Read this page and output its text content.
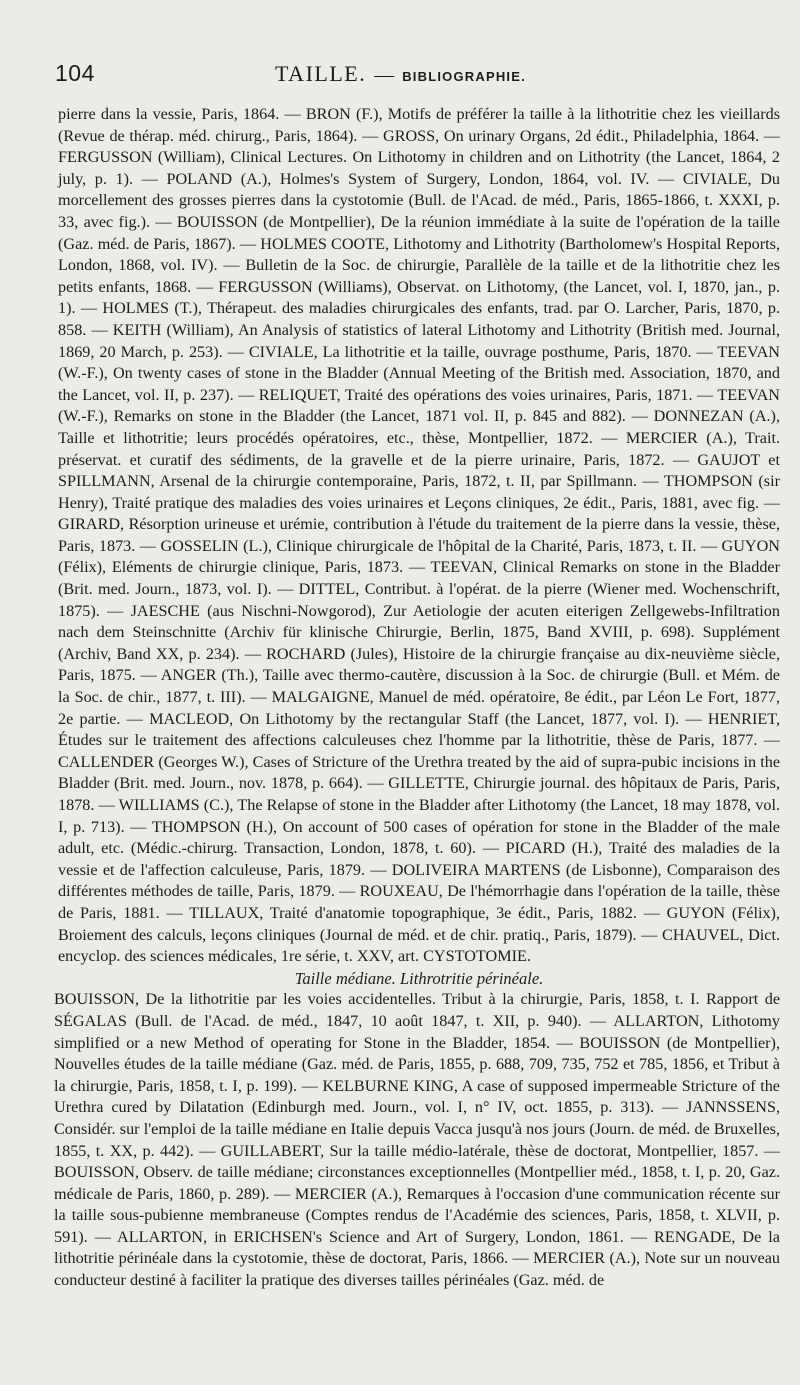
104	TAILLE. — BIBLIOGRAPHIE.

pierre dans la vessie, Paris, 1864. — BRON (F.), Motifs de préférer la taille à la lithotritie chez les vieillards (Revue de thérap. méd. chirurg., Paris, 1864). — GROSS, On urinary Organs, 2d édit., Philadelphia, 1864. — FERGUSSON (William), Clinical Lectures. On Lithotomy in children and on Lithotrity (the Lancet, 1864, 2 july, p. 1). — POLAND (A.), Holmes's System of Surgery, London, 1864, vol. IV. — CIVIALE, Du morcellement des grosses pierres dans la cystotomie (Bull. de l'Acad. de méd., Paris, 1865-1866, t. XXXI, p. 33, avec fig.). — BOUISSON (de Montpellier), De la réunion immédiate à la suite de l'opération de la taille (Gaz. méd. de Paris, 1867). — HOLMES COOTE, Lithotomy and Lithotrity (Bartholomew's Hospital Reports, London, 1868, vol. IV). — Bulletin de la Soc. de chirurgie, Parallèle de la taille et de la lithotritie chez les petits enfants, 1868. — FERGUSSON (Williams), Observat. on Lithotomy, (the Lancet, vol. I, 1870, jan., p. 1). — HOLMES (T.), Thérapeut. des maladies chirurgicales des enfants, trad. par O. Larcher, Paris, 1870, p. 858. — KEITH (William), An Analysis of statistics of lateral Lithotomy and Lithotrity (British med. Journal, 1869, 20 March, p. 253). — CIVIALE, La lithotritie et la taille, ouvrage posthume, Paris, 1870. — TEEVAN (W.-F.), On twenty cases of stone in the Bladder (Annual Meeting of the British med. Association, 1870, and the Lancet, vol. II, p. 237). — RELIQUET, Traité des opérations des voies urinaires, Paris, 1871. — TEEVAN (W.-F.), Remarks on stone in the Bladder (the Lancet, 1871 vol. II, p. 845 and 882). — DONNEZAN (A.), Taille et lithotritie; leurs procédés opératoires, etc., thèse, Montpellier, 1872. — MERCIER (A.), Trait. préservat. et curatif des sédiments, de la gravelle et de la pierre urinaire, Paris, 1872. — GAUJOT et SPILLMANN, Arsenal de la chirurgie contemporaine, Paris, 1872, t. II, par Spillmann. — THOMPSON (sir Henry), Traité pratique des maladies des voies urinaires et Leçons cliniques, 2e édit., Paris, 1881, avec fig. — GIRARD, Résorption urineuse et urémie, contribution à l'étude du traitement de la pierre dans la vessie, thèse, Paris, 1873. — GOSSELIN (L.), Clinique chirurgicale de l'hôpital de la Charité, Paris, 1873, t. II. — GUYON (Félix), Eléments de chirurgie clinique, Paris, 1873. — TEEVAN, Clinical Remarks on stone in the Bladder (Brit. med. Journ., 1873, vol. I). — DITTEL, Contribut. à l'opérat. de la pierre (Wiener med. Wochenschrift, 1875). — JAESCHE (aus Nischni-Nowgorod), Zur Aetiologie der acuten eiterigen Zellgewebs-Infiltration nach dem Steinschnitte (Archiv für klinische Chirurgie, Berlin, 1875, Band XVIII, p. 698). Supplément (Archiv, Band XX, p. 234). — ROCHARD (Jules), Histoire de la chirurgie française au dix-neuvième siècle, Paris, 1875. — ANGER (Th.), Taille avec thermo-cautère, discussion à la Soc. de chirurgie (Bull. et Mém. de la Soc. de chir., 1877, t. III). — MALGAIGNE, Manuel de méd. opératoire, 8e édit., par Léon Le Fort, 1877, 2e partie. — MACLEOD, On Lithotomy by the rectangular Staff (the Lancet, 1877, vol. I). — HENRIET, Études sur le traitement des affections calculeuses chez l'homme par la lithotritie, thèse de Paris, 1877. — CALLENDER (Georges W.), Cases of Stricture of the Urethra treated by the aid of supra-pubic incisions in the Bladder (Brit. med. Journ., nov. 1878, p. 664). — GILLETTE, Chirurgie journal. des hôpitaux de Paris, Paris, 1878. — WILLIAMS (C.), The Relapse of stone in the Bladder after Lithotomy (the Lancet, 18 may 1878, vol. I, p. 713). — THOMPSON (H.), On account of 500 cases of opération for stone in the Bladder of the male adult, etc. (Médic.-chirurg. Transaction, London, 1878, t. 60). — PICARD (H.), Traité des maladies de la vessie et de l'affection calculeuse, Paris, 1879. — DOLIVEIRA MARTENS (de Lisbonne), Comparaison des différentes méthodes de taille, Paris, 1879. — ROUXEAU, De l'hémorrhagie dans l'opération de la taille, thèse de Paris, 1881. — TILLAUX, Traité d'anatomie topographique, 3e édit., Paris, 1882. — GUYON (Félix), Broiement des calculs, leçons cliniques (Journal de méd. et de chir. pratiq., Paris, 1879). — CHAUVEL, Dict. encyclop. des sciences médicales, 1re série, t. XXV, art. CYSTOTOMIE.

Taille médiane. Lithrotritie périnéale.

BOUISSON, De la lithotritie par les voies accidentelles. Tribut à la chirurgie, Paris, 1858, t. I. Rapport de SÉGALAS (Bull. de l'Acad. de méd., 1847, 10 août 1847, t. XII, p. 940). — ALLARTON, Lithotomy simplified or a new Method of operating for Stone in the Bladder, 1854. — BOUISSON (de Montpellier), Nouvelles études de la taille médiane (Gaz. méd. de Paris, 1855, p. 688, 709, 735, 752 et 785, 1856, et Tribut à la chirurgie, Paris, 1858, t. I, p. 199). — KELBURNE KING, A case of supposed impermeable Stricture of the Urethra cured by Dilatation (Edinburgh med. Journ., vol. I, n° IV, oct. 1855, p. 313). — JANNSSENS, Considér. sur l'emploi de la taille médiane en Italie depuis Vacca jusqu'à nos jours (Journ. de méd. de Bruxelles, 1855, t. XX, p. 442). — GUILLABERT, Sur la taille médio-latérale, thèse de doctorat, Montpellier, 1857. — BOUISSON, Observ. de taille médiane; circonstances exceptionnelles (Montpellier méd., 1858, t. I, p. 20, Gaz. médicale de Paris, 1860, p. 289). — MERCIER (A.), Remarques à l'occasion d'une communication récente sur la taille sous-pubienne membraneuse (Comptes rendus de l'Académie des sciences, Paris, 1858, t. XLVII, p. 591). — ALLARTON, in ERICHSEN's Science and Art of Surgery, London, 1861. — RENGADE, De la lithotritie périnéale dans la cystotomie, thèse de doctorat, Paris, 1866. — MERCIER (A.), Note sur un nouveau conducteur destiné à faciliter la pratique des diverses tailles périnéales (Gaz. méd. de
